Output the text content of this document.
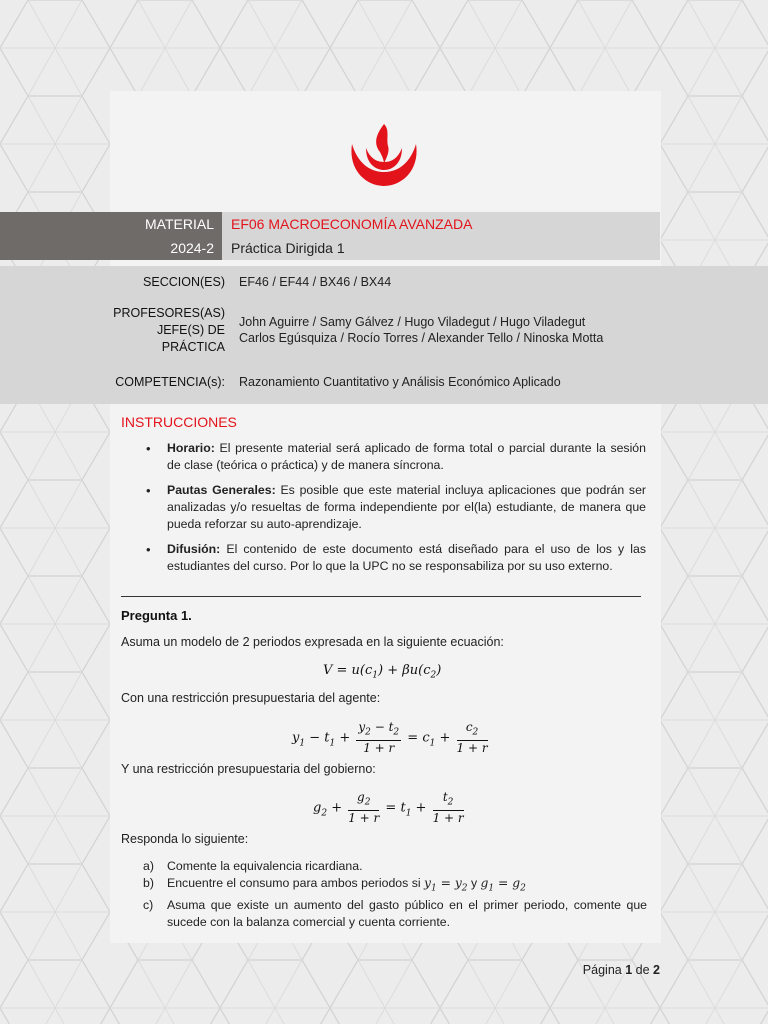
MATERIAL
2024-2
EF06 MACROECONOMÍA AVANZADA
Práctica Dirigida 1
SECCION(ES) EF46 / EF44 / BX46 / BX44
PROFESORES(AS)
JEFE(S) DE
PRÁCTICA
John Aguirre / Samy Gálvez / Hugo Viladegut / Hugo Viladegut
Carlos Egúsquiza / Rocío Torres / Alexander Tello / Ninoska Motta
COMPETENCIA(s): Razonamiento Cuantitativo y Análisis Económico Aplicado
INSTRUCCIONES
• Horario: El presente material será aplicado de forma total o parcial durante la sesión de clase (teórica o práctica) y de manera síncrona.
• Pautas Generales: Es posible que este material incluya aplicaciones que podrán ser analizadas y/o resueltas de forma independiente por el(la) estudiante, de manera que pueda reforzar su auto-aprendizaje.
• Difusión: El contenido de este documento está diseñado para el uso de los y las estudiantes del curso. Por lo que la UPC no se responsabiliza por su uso externo.
Pregunta 1.
Asuma un modelo de 2 periodos expresada en la siguiente ecuación:
$V = u(c_1) + \beta u(c_2)$
Con una restricción presupuestaria del agente:
$y_1 - t_1 + \frac{y_2 - t_2}{1 + r} = c_1 + \frac{c_2}{1 + r}$
Y una restricción presupuestaria del gobierno:
$g_2 + \frac{g_2}{1 + r} = t_1 + \frac{t_2}{1 + r}$
Responda lo siguiente:
a) Comente la equivalencia ricardiana.
b) Encuentre el consumo para ambos periodos si $y_1 = y_2$ y $g_1 = g_2$
c) Asuma que existe un aumento del gasto público en el primer periodo, comente que sucede con la balanza comercial y cuenta corriente.
Página 1 de 2
